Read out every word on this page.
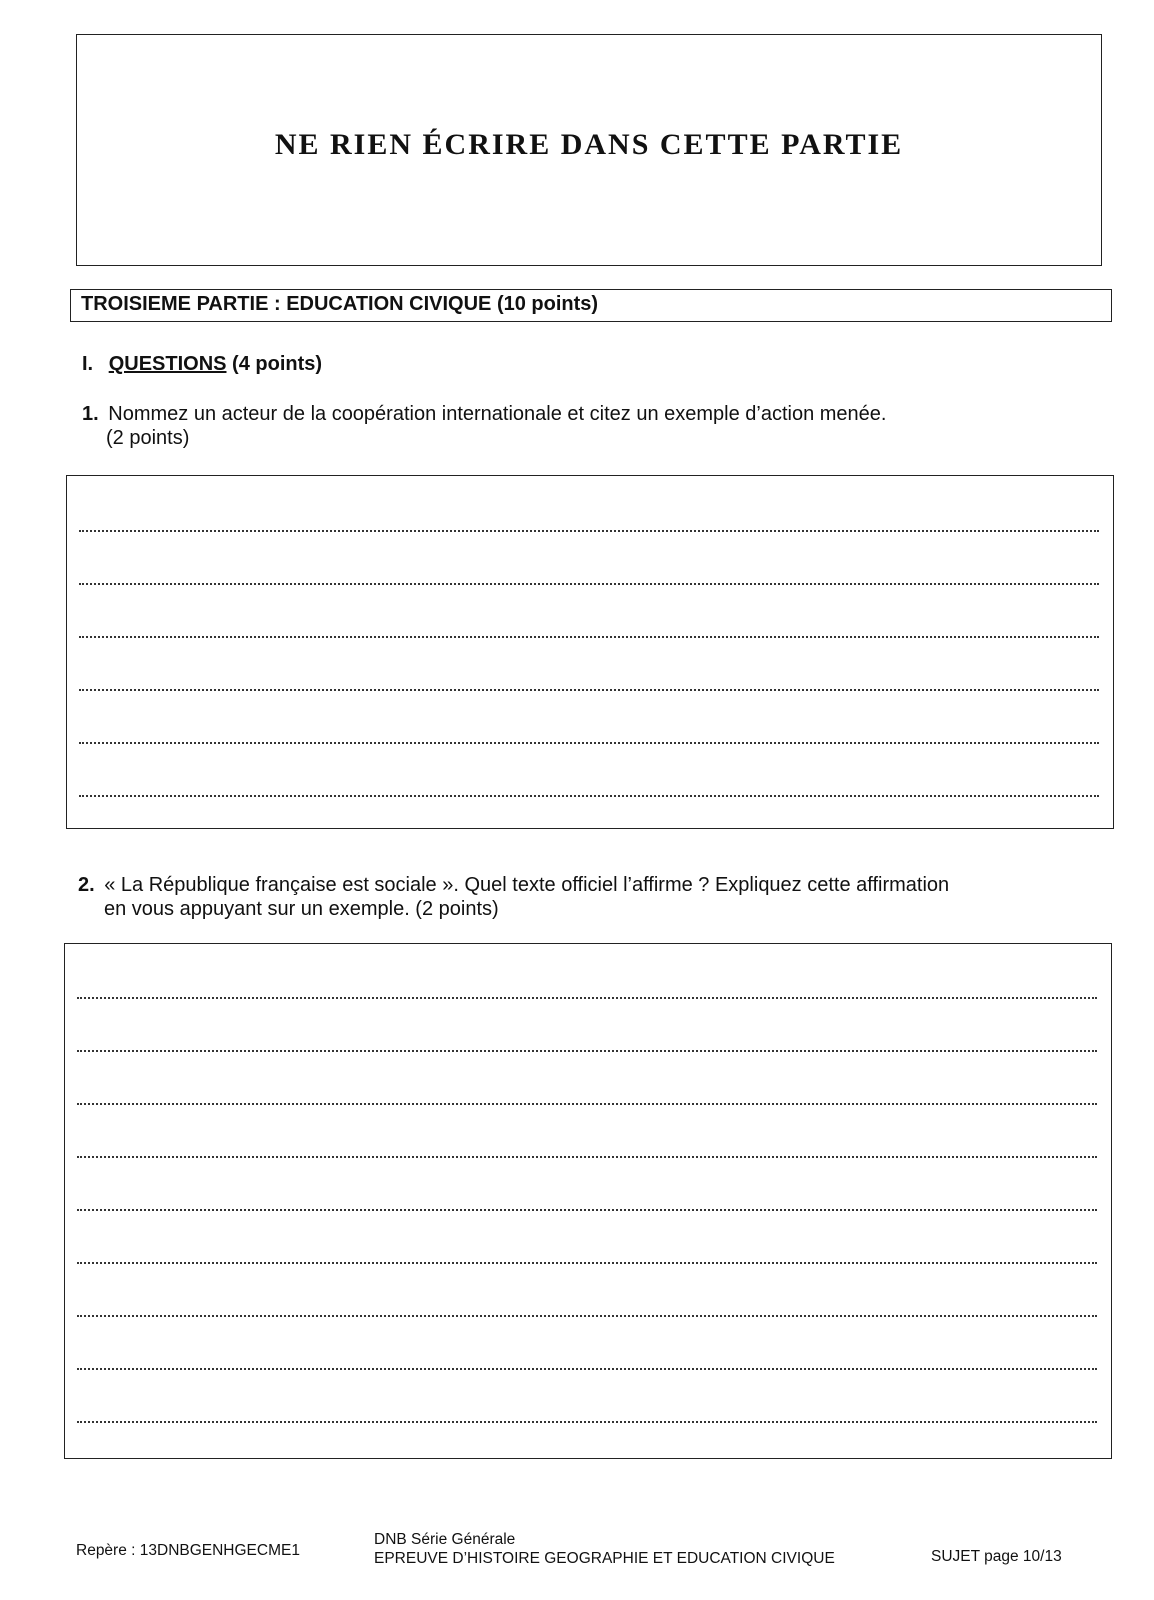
NE RIEN ÉCRIRE DANS CETTE PARTIE
TROISIEME PARTIE : EDUCATION CIVIQUE (10 points)
I. QUESTIONS (4 points)
1. Nommez un acteur de la coopération internationale et citez un exemple d’action menée.
(2 points)
2. « La République française est sociale ». Quel texte officiel l’affirme ? Expliquez cette affirmation
en vous appuyant sur un exemple. (2 points)
Repère : 13DNBGENHGECME1
DNB Série Générale
EPREUVE D’HISTOIRE GEOGRAPHIE ET EDUCATION CIVIQUE	SUJET page 10/13
